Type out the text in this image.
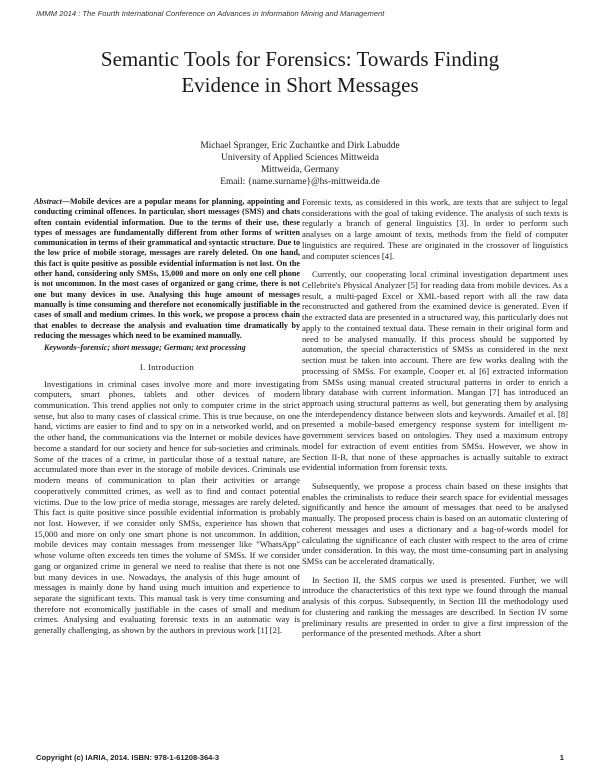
IMMM 2014 : The Fourth International Conference on Advances in Information Mining and Management
Semantic Tools for Forensics: Towards Finding
Evidence in Short Messages
Michael Spranger, Eric Zuchantke and Dirk Labudde
University of Applied Sciences Mittweida
Mittweida, Germany
Email: {name.surname}@hs-mittweida.de
Abstract—Mobile devices are a popular means for planning, appointing and conducting criminal offences. In particular, short messages (SMS) and chats often contain evidential information. Due to the terms of their use, these types of messages are fundamentally different from other forms of written communication in terms of their grammatical and syntactic structure. Due to the low price of mobile storage, messages are rarely deleted. On one hand, this fact is quite positive as possible evidential information is not lost. On the other hand, considering only SMSs, 15,000 and more on only one cell phone is not uncommon. In the most cases of organized or gang crime, there is not one but many devices in use. Analysing this huge amount of messages manually is time consuming and therefore not economically justifiable in the cases of small and medium crimes. In this work, we propose a process chain that enables to decrease the analysis and evaluation time dramatically by reducing the messages which need to be examined manually.
Keywords–forensic; short message; German; text processing
I. Introduction
Investigations in criminal cases involve more and more investigating computers, smart phones, tablets and other devices of modern communication. This trend applies not only to computer crime in the strict sense, but also to many cases of classical crime. This is true because, on one hand, victims are easier to find and to spy on in a networked world, and on the other hand, the communications via the Internet or mobile devices have become a standard for our society and hence for sub-societies and criminals. Some of the traces of a crime, in particular those of a textual nature, are accumulated more than ever in the storage of mobile devices. Criminals use modern means of communication to plan their activities or arrange cooperatively committed crimes, as well as to find and contact potential victims. Due to the low price of media storage, messages are rarely deleted. This fact is quite positive since possible evidential information is probably not lost. However, if we consider only SMSs, experience has shown that 15,000 and more on only one smart phone is not uncommon. In addition, mobile devices may contain messages from messenger like "WhatsApp" whose volume often exceeds ten times the volume of SMSs. If we consider gang or organized crime in general we need to realise that there is not one but many devices in use. Nowadays, the analysis of this huge amount of messages is mainly done by hand using much intuition and experience to separate the significant texts. This manual task is very time consuming and therefore not economically justifiable in the cases of small and medium crimes. Analysing and evaluating forensic texts in an automatic way is generally challenging, as shown by the authors in previous work [1] [2].
Forensic texts, as considered in this work, are texts that are subject to legal considerations with the goal of taking evidence. The analysis of such texts is regularly a branch of general linguistics [3]. In order to perform such analyses on a large amount of texts, methods from the field of computer linguistics are required. These are originated in the crossover of linguistics and computer sciences [4].
Currently, our cooperating local criminal investigation department uses Cellebrite's Physical Analyzer [5] for reading data from mobile devices. As a result, a multi-paged Excel or XML-based report with all the raw data reconstructed and gathered from the examined device is generated. Even if the extracted data are presented in a structured way, this particularly does not apply to the contained textual data. These remain in their original form and need to be analysed manually. If this process should be supported by automation, the special characteristics of SMSs as considered in the next section must be taken into account. There are few works dealing with the processing of SMSs. For example, Cooper et. al [6] extracted information from SMSs using manual created structural patterns in order to enrich a library database with current information. Mangan [7] has introduced an approach using structural patterns as well, but generating them by analysing the interdependency distance between slots and keywords. Amailef et al. [8] presented a mobile-based emergency response system for intelligent m-government services based on ontologies. They used a maximum entropy model for extraction of event entities from SMSs. However, we show in Section II-B, that none of these approaches is actually suitable to extract evidential information from forensic texts.
Subsequently, we propose a process chain based on these insights that enables the criminalists to reduce their search space for evidential messages significantly and hence the amount of messages that need to be analysed manually. The proposed process chain is based on an automatic clustering of coherent messages and uses a dictionary and a bag-of-words model for calculating the significance of each cluster with respect to the area of crime under consideration. In this way, the most time-consuming part in analysing SMSs can be accelerated dramatically.
In Section II, the SMS corpus we used is presented. Further, we will introduce the characteristics of this text type we found through the manual analysis of this corpus. Subsequently, in Section III the methodology used for clustering and ranking the messages are described. In Section IV some preliminary results are presented in order to give a first impression of the performance of the presented methods. After a short
Copyright (c) IARIA, 2014. ISBN: 978-1-61208-364-3	1
